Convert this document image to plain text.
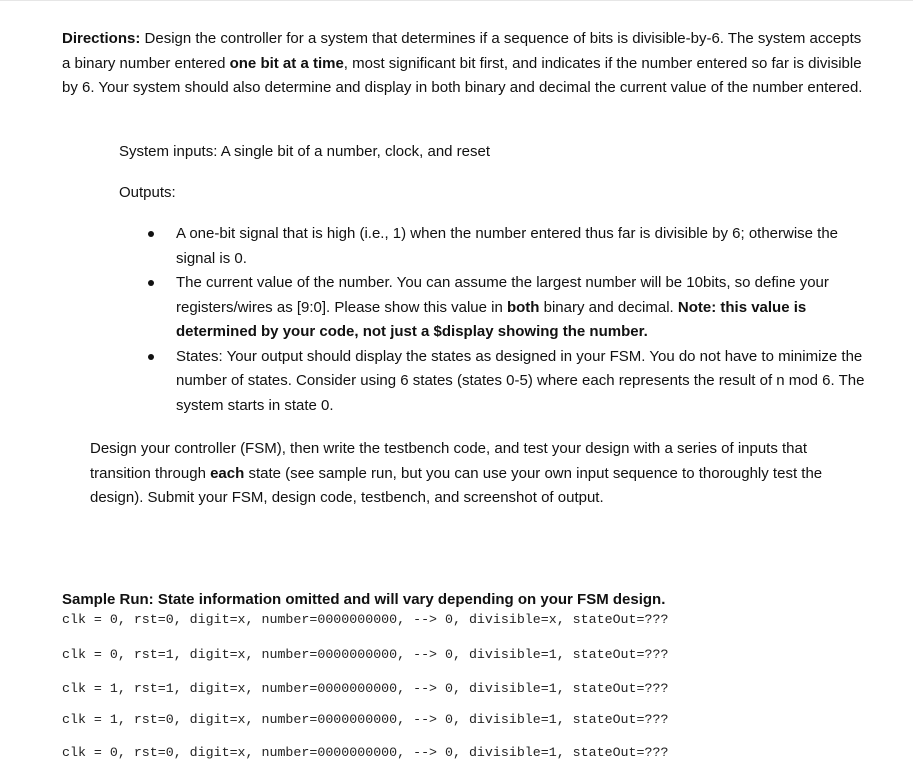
Directions: Design the controller for a system that determines if a sequence of bits is divisible-by-6. The system accepts a binary number entered one bit at a time, most significant bit first, and indicates if the number entered so far is divisible by 6. Your system should also determine and display in both binary and decimal the current value of the number entered.
System inputs: A single bit of a number, clock, and reset
Outputs:
A one-bit signal that is high (i.e., 1) when the number entered thus far is divisible by 6; otherwise the signal is 0.
The current value of the number. You can assume the largest number will be 10bits, so define your registers/wires as [9:0]. Please show this value in both binary and decimal. Note: this value is determined by your code, not just a $display showing the number.
States: Your output should display the states as designed in your FSM. You do not have to minimize the number of states. Consider using 6 states (states 0-5) where each represents the result of n mod 6. The system starts in state 0.
Design your controller (FSM), then write the testbench code, and test your design with a series of inputs that transition through each state (see sample run, but you can use your own input sequence to thoroughly test the design). Submit your FSM, design code, testbench, and screenshot of output.
Sample Run: State information omitted and will vary depending on your FSM design.
clk = 0, rst=0, digit=x, number=0000000000, --> 0, divisible=x, stateOut=???
clk = 0, rst=1, digit=x, number=0000000000, --> 0, divisible=1, stateOut=???
clk = 1, rst=1, digit=x, number=0000000000, --> 0, divisible=1, stateOut=???
clk = 1, rst=0, digit=x, number=0000000000, --> 0, divisible=1, stateOut=???
clk = 0, rst=0, digit=x, number=0000000000, --> 0, divisible=1, stateOut=???
